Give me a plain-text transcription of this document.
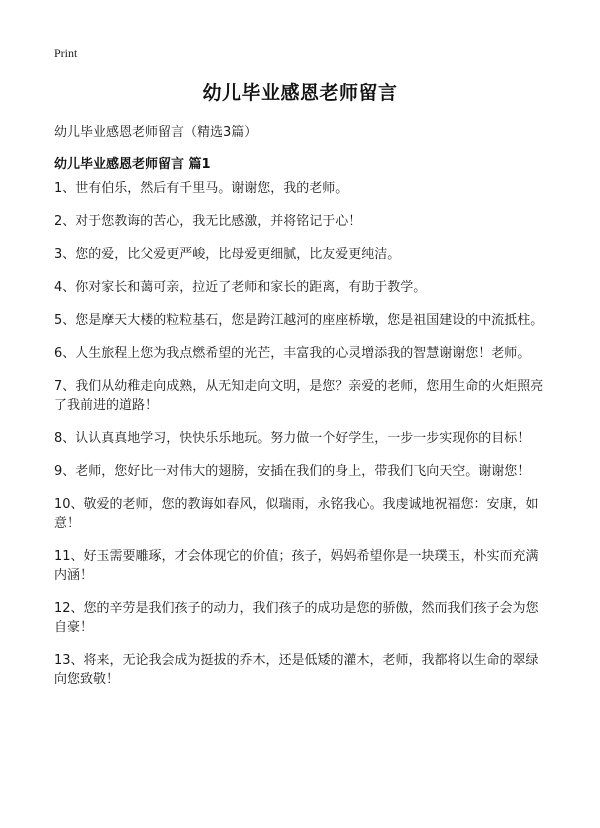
Print
幼儿毕业感恩老师留言
幼儿毕业感恩老师留言（精选3篇）
幼儿毕业感恩老师留言 篇1
1、世有伯乐，然后有千里马。谢谢您，我的老师。
2、对于您教诲的苦心，我无比感激，并将铭记于心！
3、您的爱，比父爱更严峻，比母爱更细腻，比友爱更纯洁。
4、你对家长和蔼可亲，拉近了老师和家长的距离，有助于教学。
5、您是摩天大楼的粒粒基石，您是跨江越河的座座桥墩，您是祖国建设的中流抵柱。
6、人生旅程上您为我点燃希望的光芒，丰富我的心灵增添我的智慧谢谢您！老师。
7、我们从幼稚走向成熟，从无知走向文明，是您？亲爱的老师，您用生命的火炬照亮了我前进的道路！
8、认认真真地学习，快快乐乐地玩。努力做一个好学生，一步一步实现你的目标！
9、老师，您好比一对伟大的翅膀，安插在我们的身上，带我们飞向天空。谢谢您！
10、敬爱的老师，您的教诲如春风，似瑞雨，永铭我心。我虔诚地祝福您：安康，如意！
11、好玉需要雕琢，才会体现它的价值；孩子，妈妈希望你是一块璞玉，朴实而充满内涵！
12、您的辛劳是我们孩子的动力，我们孩子的成功是您的骄傲，然而我们孩子会为您自豪！
13、将来，无论我会成为挺拔的乔木，还是低矮的灌木，老师，我都将以生命的翠绿向您致敬！
